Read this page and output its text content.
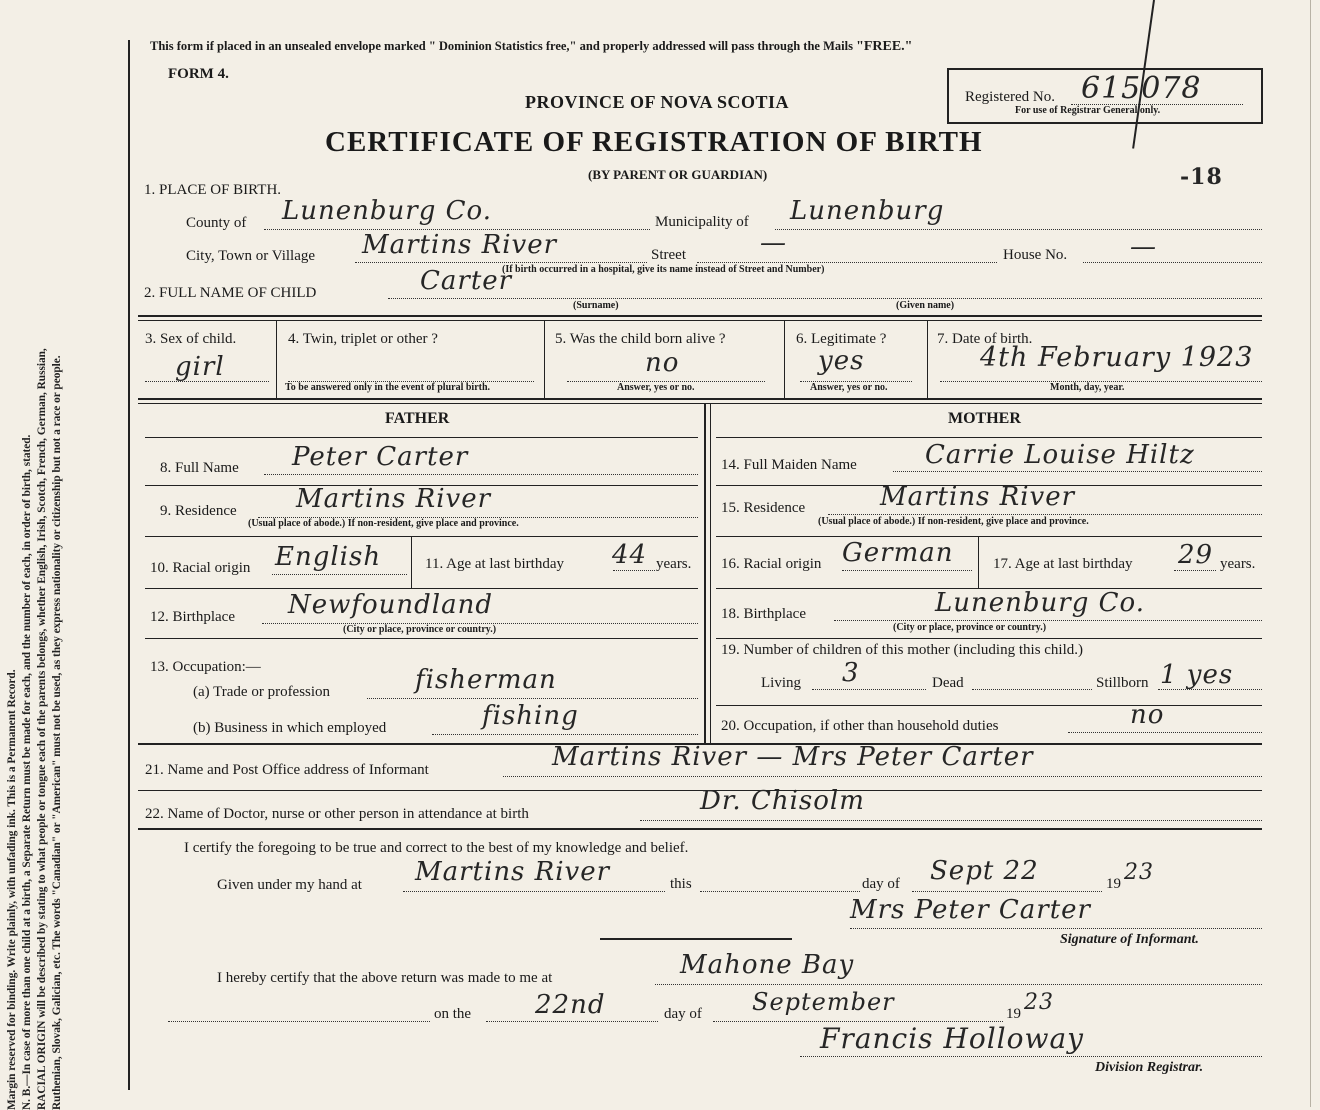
Margin reserved for binding. Write plainly, with unfading ink. This is a Permanent Record. N. B.—In case of more than one child at a birth, a Separate Return must be made for each, and the number of each, in order of birth, stated. RACIAL ORIGIN will be described by stating to what people or tongue each of the parents belongs, whether English, Irish, Scotch, French, German, Russian, Ruthenian, Slovak, Galician, etc. The words "Canadian" or "American" must not be used, as they express nationality or citizenship but not a race or people.
This form if placed in an unsealed envelope marked " Dominion Statistics free," and properly addressed will pass through the Mails "FREE."
FORM 4.
PROVINCE OF NOVA SCOTIA
CERTIFICATE OF REGISTRATION OF BIRTH
(BY PARENT OR GUARDIAN)
Registered No. 615078
For use of Registrar General only.
-18
1. PLACE OF BIRTH.
County of Lunenburg Co.	Municipality of Lunenburg
City, Town or Village Martins River	Street	—	House No. —
(If birth occurred in a hospital, give its name instead of Street and Number)
2. FULL NAME OF CHILD	Carter
(Surname)	(Given name)
3. Sex of child.
girl
4. Twin, triplet or other ?
To be answered only in the event of plural birth.
5. Was the child born alive ?
no
Answer, yes or no.
6. Legitimate ?
yes
Answer, yes or no.
7. Date of birth.
4th February 1923
Month, day, year.
FATHER	MOTHER
8. Full Name Peter Carter
9. Residence Martins River
(Usual place of abode.) If non-resident, give place and province.
10. Racial origin English	11. Age at last birthday 44 years.
12. Birthplace Newfoundland
(City or place, province or country.)
13. Occupation:—
(a) Trade or profession	fisherman
(b) Business in which employed	fishing
14. Full Maiden Name	Carrie Louise Hiltz
15. Residence	Martins River
(Usual place of abode.) If non-resident, give place and province.
16. Racial origin German	17. Age at last birthday 29 years.
18. Birthplace	Lunenburg Co.
(City or place, province or country.)
19. Number of children of this mother (including this child.)
Living 3	Dead	Stillborn 1 yes
20. Occupation, if other than household duties	no
21. Name and Post Office address of Informant	Martins River — Mrs Peter Carter
22. Name of Doctor, nurse or other person in attendance at birth	Dr. Chisolm
I certify the foregoing to be true and correct to the best of my knowledge and belief.
Given under my hand at Martins River	this	day of Sept 22	19 23
Mrs Peter Carter
Signature of Informant.
I hereby certify that the above return was made to me at	Mahone Bay
on the 22nd	day of September	19 23
Francis Holloway
Division Registrar.
